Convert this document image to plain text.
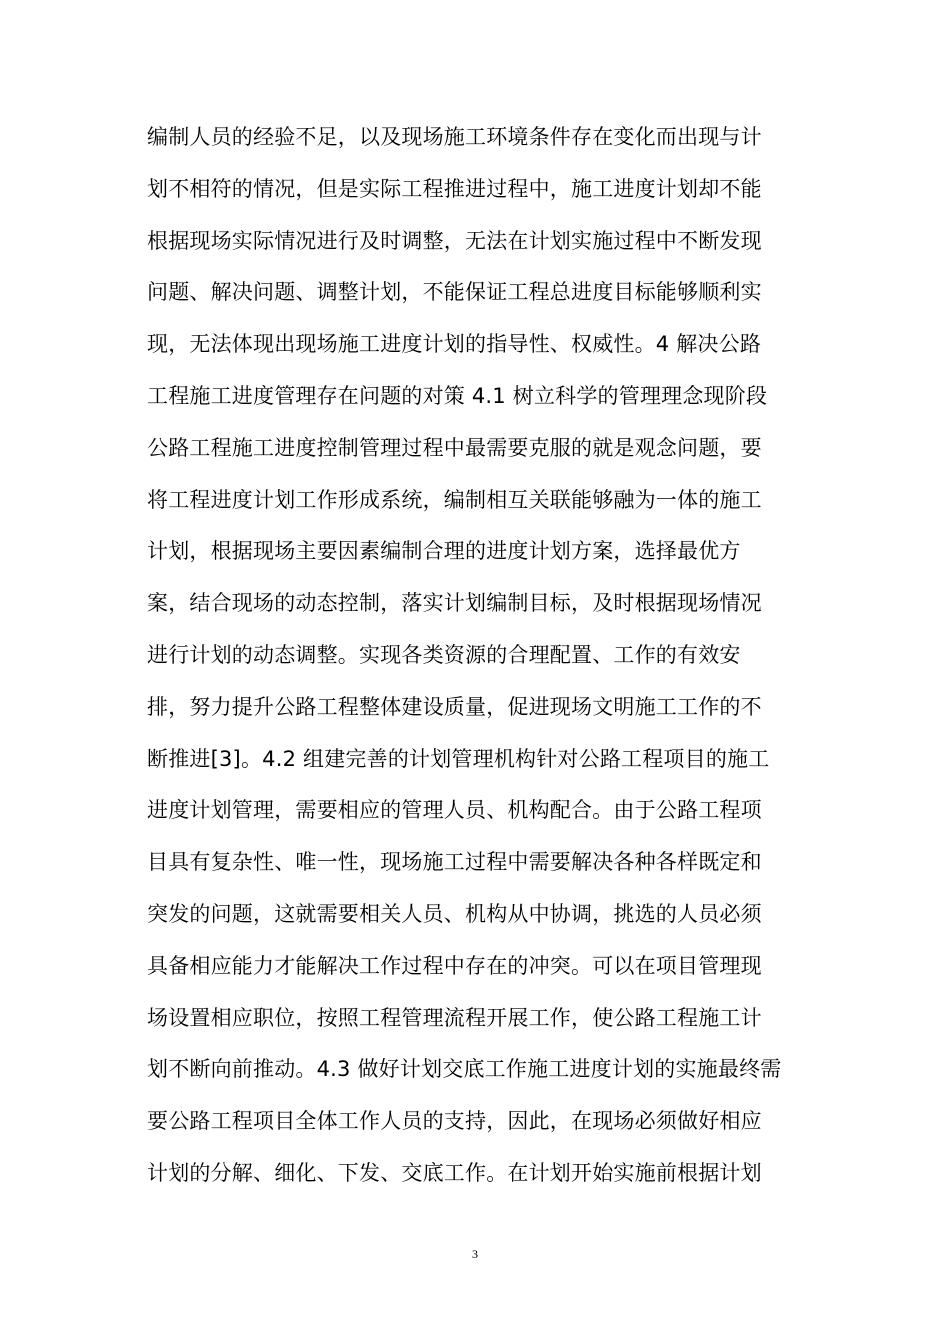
编制人员的经验不足，以及现场施工环境条件存在变化而出现与计
划不相符的情况，但是实际工程推进过程中，施工进度计划却不能
根据现场实际情况进行及时调整，无法在计划实施过程中不断发现
问题、解决问题、调整计划，不能保证工程总进度目标能够顺利实
现，无法体现出现场施工进度计划的指导性、权威性。4 解决公路
工程施工进度管理存在问题的对策 4.1 树立科学的管理理念现阶段
公路工程施工进度控制管理过程中最需要克服的就是观念问题，要
将工程进度计划工作形成系统，编制相互关联能够融为一体的施工
计划，根据现场主要因素编制合理的进度计划方案，选择最优方
案，结合现场的动态控制，落实计划编制目标，及时根据现场情况
进行计划的动态调整。实现各类资源的合理配置、工作的有效安
排，努力提升公路工程整体建设质量，促进现场文明施工工作的不
断推进[3]。4.2 组建完善的计划管理机构针对公路工程项目的施工
进度计划管理，需要相应的管理人员、机构配合。由于公路工程项
目具有复杂性、唯一性，现场施工过程中需要解决各种各样既定和
突发的问题，这就需要相关人员、机构从中协调，挑选的人员必须
具备相应能力才能解决工作过程中存在的冲突。可以在项目管理现
场设置相应职位，按照工程管理流程开展工作，使公路工程施工计
划不断向前推动。4.3 做好计划交底工作施工进度计划的实施最终需
要公路工程项目全体工作人员的支持，因此，在现场必须做好相应
计划的分解、细化、下发、交底工作。在计划开始实施前根据计划
3
